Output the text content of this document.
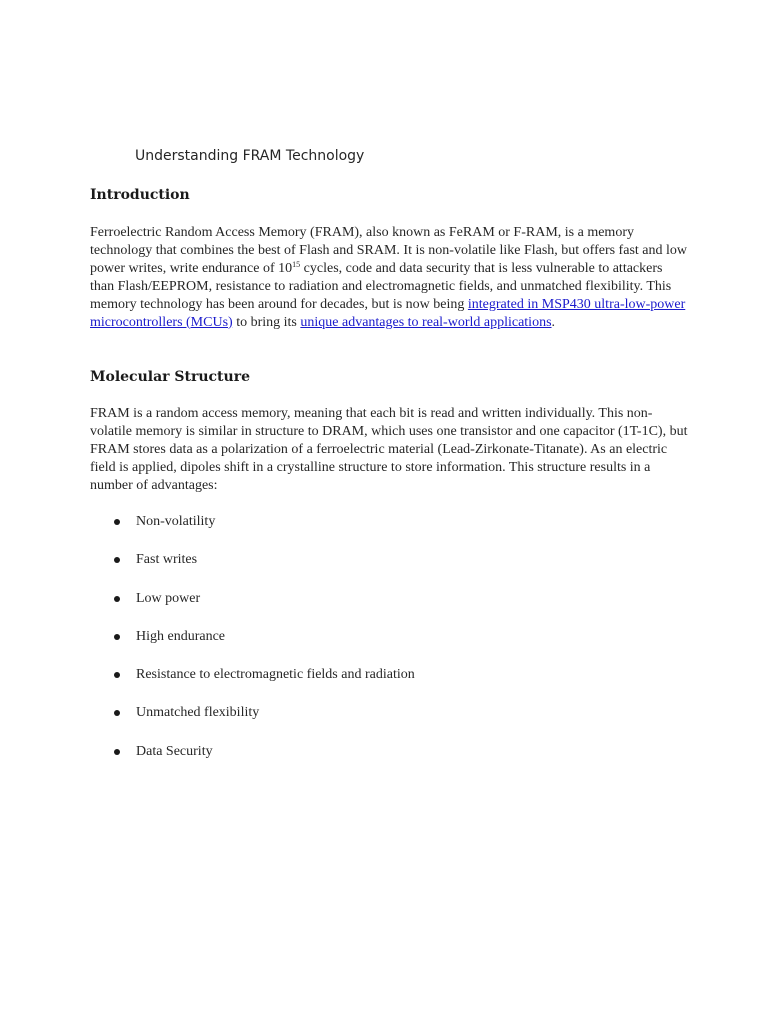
Understanding FRAM Technology
Introduction

Ferroelectric Random Access Memory (FRAM), also known as FeRAM or F-RAM, is a memory technology that combines the best of Flash and SRAM. It is non-volatile like Flash, but offers fast and low power writes, write endurance of $10^{15}$ cycles, code and data security that is less vulnerable to attackers than Flash/EEPROM, resistance to radiation and electromagnetic fields, and unmatched flexibility. This memory technology has been around for decades, but is now being integrated in MSP430 ultra-low-power microcontrollers (MCUs) to bring its unique advantages to real-world applications.

Molecular Structure

FRAM is a random access memory, meaning that each bit is read and written individually. This non-volatile memory is similar in structure to DRAM, which uses one transistor and one capacitor (1T-1C), but FRAM stores data as a polarization of a ferroelectric material (Lead-Zirkonate-Titanate). As an electric field is applied, dipoles shift in a crystalline structure to store information. This structure results in a number of advantages:

Non-volatility
Fast writes
Low power
High endurance
Resistance to electromagnetic fields and radiation
Unmatched flexibility
Data Security
